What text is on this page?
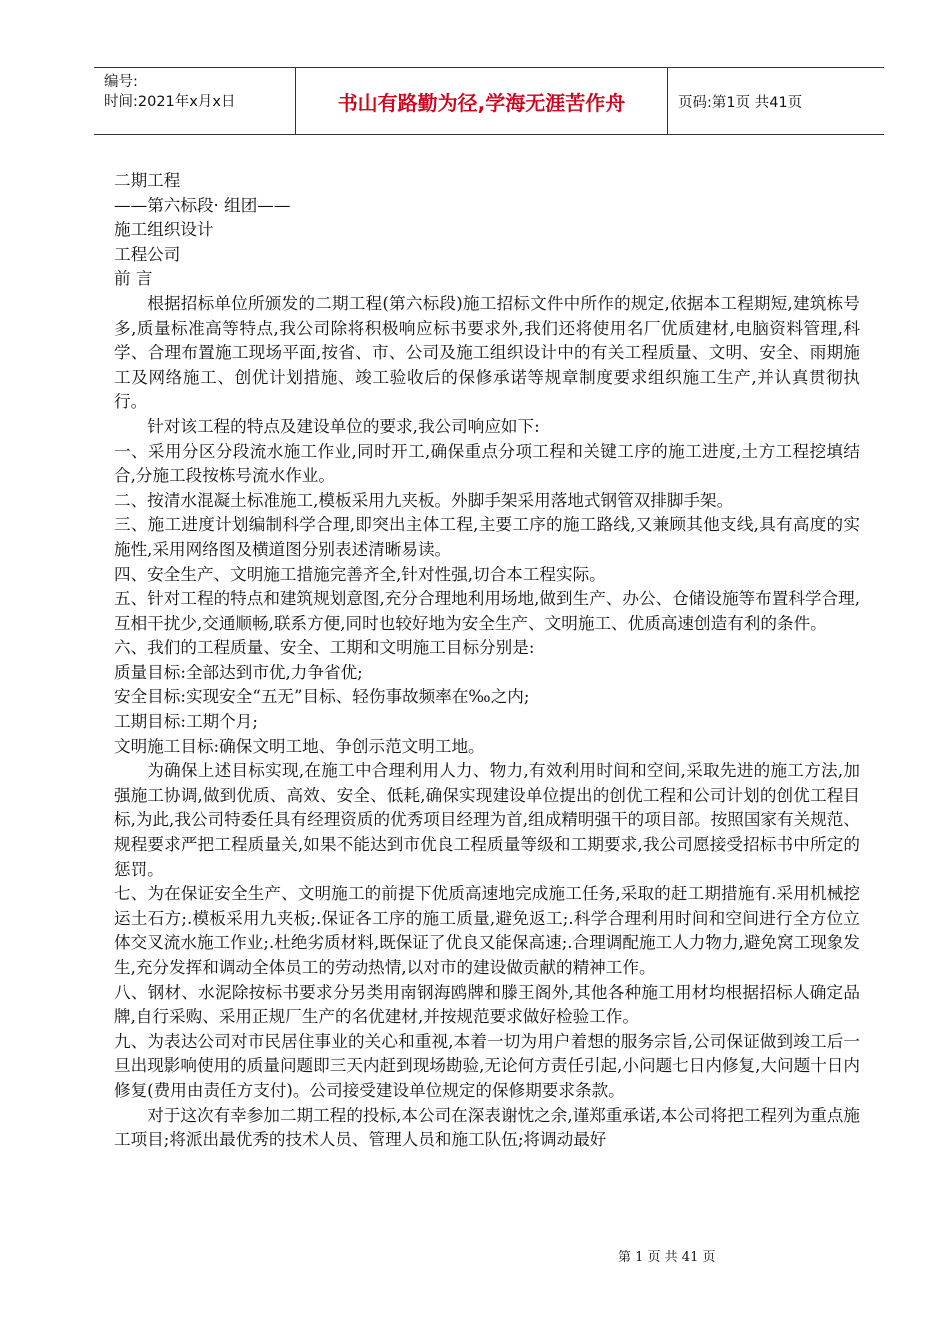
编号:
时间:2021年x月x日	书山有路勤为径,学海无涯苦作舟	页码:第1页 共41页

二期工程

——第六标段· 组团——

施工组织设计

工程公司

前 言

根据招标单位所颁发的二期工程(第六标段)施工招标文件中所作的规定,依据本工程期短,建筑栋号多,质量标准高等特点,我公司除将积极响应标书要求外,我们还将使用名厂优质建材,电脑资料管理,科学、合理布置施工现场平面,按省、市、公司及施工组织设计中的有关工程质量、文明、安全、雨期施工及网络施工、创优计划措施、竣工验收后的保修承诺等规章制度要求组织施工生产,并认真贯彻执行。

针对该工程的特点及建设单位的要求,我公司响应如下:

一、采用分区分段流水施工作业,同时开工,确保重点分项工程和关键工序的施工进度,土方工程挖填结合,分施工段按栋号流水作业。

二、按清水混凝土标准施工,模板采用九夹板。外脚手架采用落地式钢管双排脚手架。

三、施工进度计划编制科学合理,即突出主体工程,主要工序的施工路线,又兼顾其他支线,具有高度的实施性,采用网络图及横道图分别表述清晰易读。

四、安全生产、文明施工措施完善齐全,针对性强,切合本工程实际。

五、针对工程的特点和建筑规划意图,充分合理地利用场地,做到生产、办公、仓储设施等布置科学合理,互相干扰少,交通顺畅,联系方便,同时也较好地为安全生产、文明施工、优质高速创造有利的条件。

六、我们的工程质量、安全、工期和文明施工目标分别是:

质量目标:全部达到市优,力争省优;

安全目标:实现安全“五无”目标、轻伤事故频率在‰之内;

工期目标:工期个月;

文明施工目标:确保文明工地、争创示范文明工地。

为确保上述目标实现,在施工中合理利用人力、物力,有效利用时间和空间,采取先进的施工方法,加强施工协调,做到优质、高效、安全、低耗,确保实现建设单位提出的创优工程和公司计划的创优工程目标,为此,我公司特委任具有经理资质的优秀项目经理为首,组成精明强干的项目部。按照国家有关规范、规程要求严把工程质量关,如果不能达到市优良工程质量等级和工期要求,我公司愿接受招标书中所定的惩罚。

七、为在保证安全生产、文明施工的前提下优质高速地完成施工任务,采取的赶工期措施有.采用机械挖运土石方;.模板采用九夹板;.保证各工序的施工质量,避免返工;.科学合理利用时间和空间进行全方位立体交叉流水施工作业;.杜绝劣质材料,既保证了优良又能保高速;.合理调配施工人力物力,避免窝工现象发生,充分发挥和调动全体员工的劳动热情,以对市的建设做贡献的精神工作。

八、钢材、水泥除按标书要求分另类用南钢海鸥牌和滕王阁外,其他各种施工用材均根据招标人确定品牌,自行采购、采用正规厂生产的名优建材,并按规范要求做好检验工作。

九、为表达公司对市民居住事业的关心和重视,本着一切为用户着想的服务宗旨,公司保证做到竣工后一旦出现影响使用的质量问题即三天内赶到现场勘验,无论何方责任引起,小问题七日内修复,大问题十日内修复(费用由责任方支付)。公司接受建设单位规定的保修期要求条款。

对于这次有幸参加二期工程的投标,本公司在深表谢忱之余,谨郑重承诺,本公司将把工程列为重点施工项目;将派出最优秀的技术人员、管理人员和施工队伍;将调动最好

第 1 页 共 41 页
